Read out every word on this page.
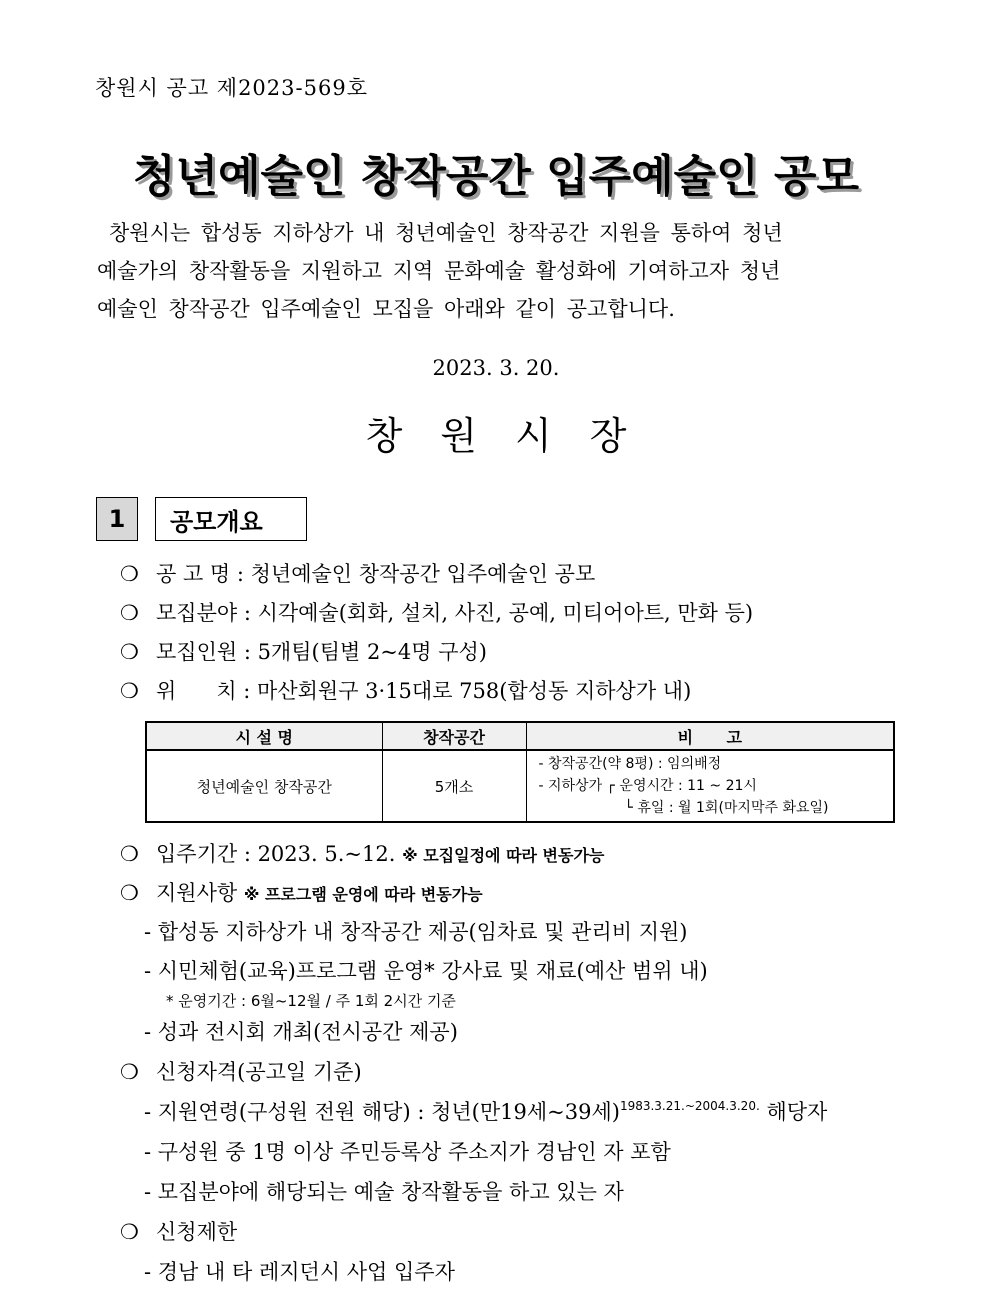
창원시 공고 제2023-569호
청년예술인 창작공간 입주예술인 공모
창원시는 합성동 지하상가 내 청년예술인 창작공간 지원을 통하여 청년
예술가의 창작활동을 지원하고 지역 문화예술 활성화에 기여하고자 청년
예술인 창작공간 입주예술인 모집을 아래와 같이 공고합니다.
2023. 3. 20.
창원시장
1	공모개요
❍ 공 고 명 : 청년예술인 창작공간 입주예술인 공모
❍ 모집분야 : 시각예술(회화, 설치, 사진, 공예, 미티어아트, 만화 등)
❍ 모집인원 : 5개팀(팀별 2~4명 구성)
❍ 위      치 : 마산회원구 3·15대로 758(합성동 지하상가 내)
시 설 명	창작공간	비      고
청년예술인 창작공간	5개소	- 창작공간(약 8평) : 임의배정
- 지하상가 ┌ 운영시간 : 11 ~ 21시
└ 휴일 : 월 1회(마지막주 화요일)
❍ 입주기간 : 2023. 5.~12. ※ 모집일정에 따라 변동가능
❍ 지원사항 ※ 프로그램 운영에 따라 변동가능
- 합성동 지하상가 내 창작공간 제공(임차료 및 관리비 지원)
- 시민체험(교육)프로그램 운영* 강사료 및 재료(예산 범위 내)
* 운영기간 : 6월~12월 / 주 1회 2시간 기준
- 성과 전시회 개최(전시공간 제공)
❍ 신청자격(공고일 기준)
- 지원연령(구성원 전원 해당) : 청년(만19세~39세)$^{1983.3.21.\sim 2004.3.20.}$ 해당자
- 구성원 중 1명 이상 주민등록상 주소지가 경남인 자 포함
- 모집분야에 해당되는 예술 창작활동을 하고 있는 자
❍ 신청제한
- 경남 내 타 레지던시 사업 입주자
